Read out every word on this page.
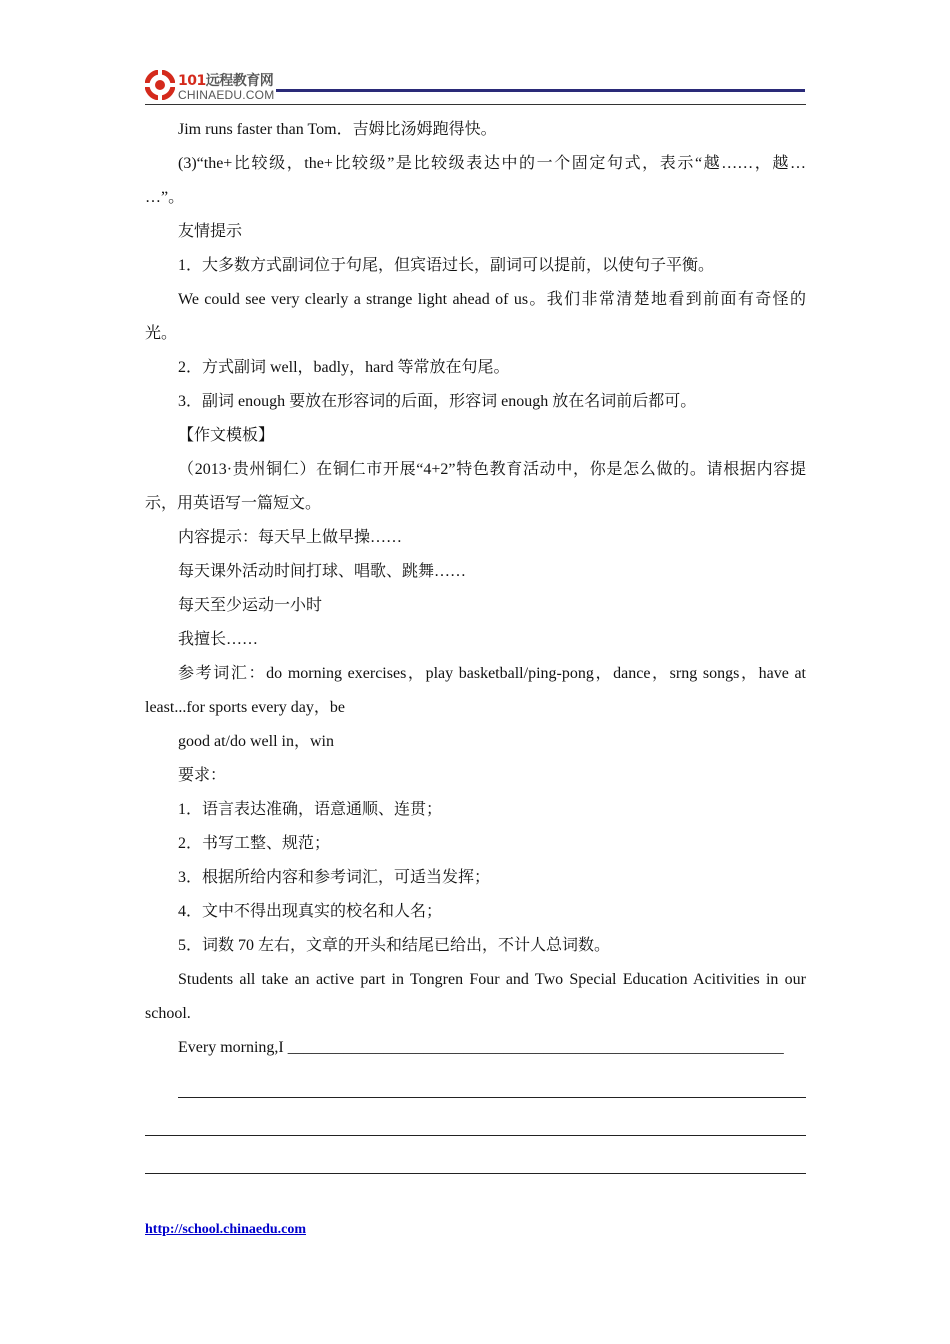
101远程教育网
CHINAEDU.COM
Jim runs faster than Tom．吉姆比汤姆跑得快。
(3)“the+比较级，the+比较级”是比较级表达中的一个固定句式，表示“越……，越…
…”。
友情提示
1．大多数方式副词位于句尾，但宾语过长，副词可以提前，以使句子平衡。
We could see very clearly a strange light ahead of us。我们非常清楚地看到前面有奇怪的
光。
2．方式副词 well，badly，hard 等常放在句尾。
3．副词 enough 要放在形容词的后面，形容词 enough 放在名词前后都可。
【作文模板】
（2013·贵州铜仁）在铜仁市开展“4+2”特色教育活动中，你是怎么做的。请根据内容提
示，用英语写一篇短文。
内容提示：每天早上做早操……
每天课外活动时间打球、唱歌、跳舞……
每天至少运动一小时
我擅长……
参考词汇：do morning exercises，play basketball/ping-pong，dance，srng songs，have at
least...for sports every day，be
good at/do well in，win
要求：
1．语言表达准确，语意通顺、连贯；
2．书写工整、规范；
3．根据所给内容和参考词汇，可适当发挥；
4．文中不得出现真实的校名和人名；
5．词数 70 左右，文章的开头和结尾已给出，不计人总词数。
Students all take an active part in Tongren Four and Two Special Education Acitivities in our
school.
Every morning,I ______________________________________________________________
http://school.chinaedu.com
